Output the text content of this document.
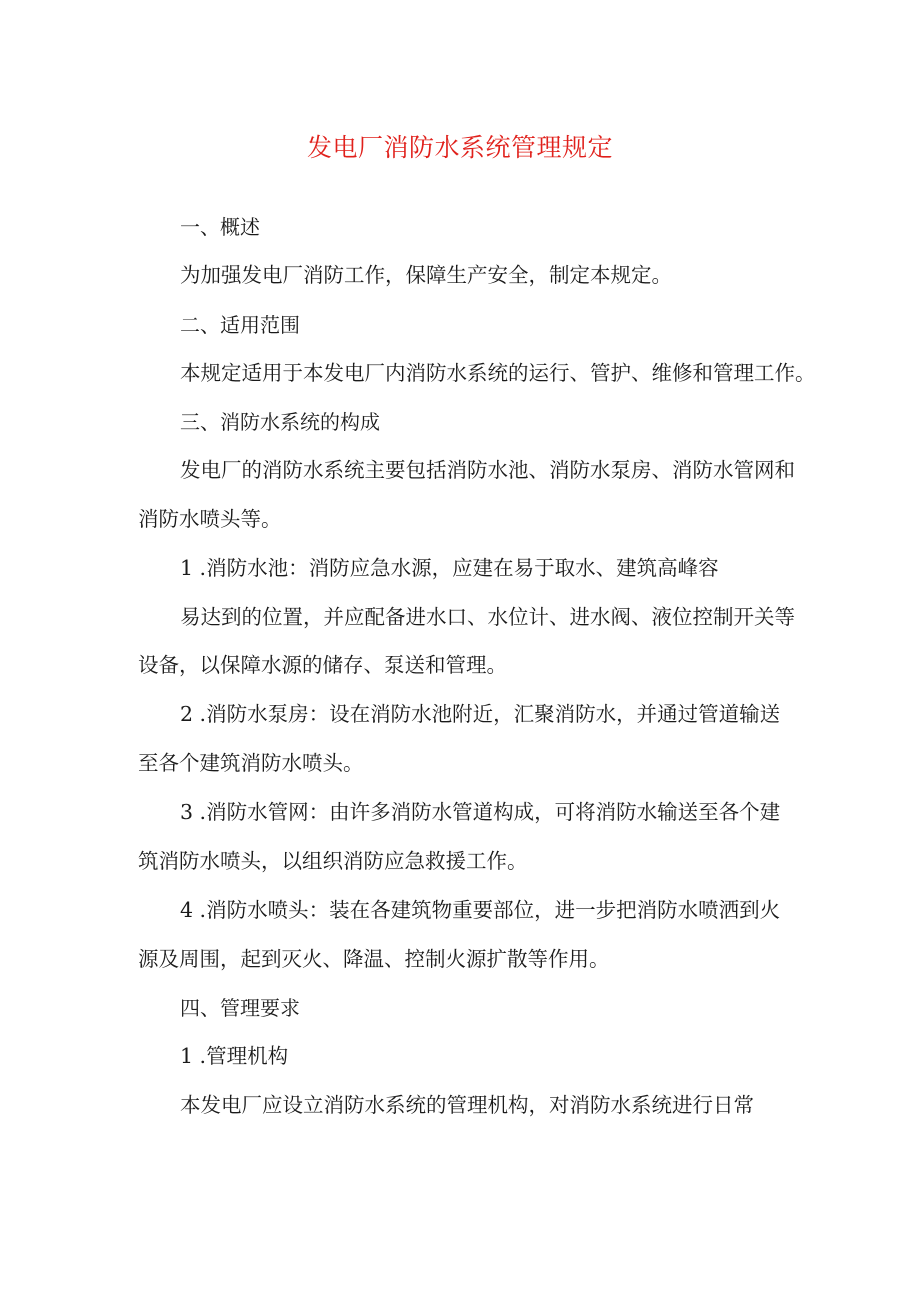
发电厂消防水系统管理规定
一、概述
为加强发电厂消防工作，保障生产安全，制定本规定。
二、适用范围
本规定适用于本发电厂内消防水系统的运行、管护、维修和管理工作。
三、消防水系统的构成
发电厂的消防水系统主要包括消防水池、消防水泵房、消防水管网和
消防水喷头等。
1 .消防水池：消防应急水源，应建在易于取水、建筑高峰容
易达到的位置，并应配备进水口、水位计、进水阀、液位控制开关等
设备，以保障水源的储存、泵送和管理。
2 .消防水泵房：设在消防水池附近，汇聚消防水，并通过管道输送
至各个建筑消防水喷头。
3 .消防水管网：由许多消防水管道构成，可将消防水输送至各个建
筑消防水喷头，以组织消防应急救援工作。
4 .消防水喷头：装在各建筑物重要部位，进一步把消防水喷洒到火
源及周围，起到灭火、降温、控制火源扩散等作用。
四、管理要求
1 .管理机构
本发电厂应设立消防水系统的管理机构，对消防水系统进行日常
